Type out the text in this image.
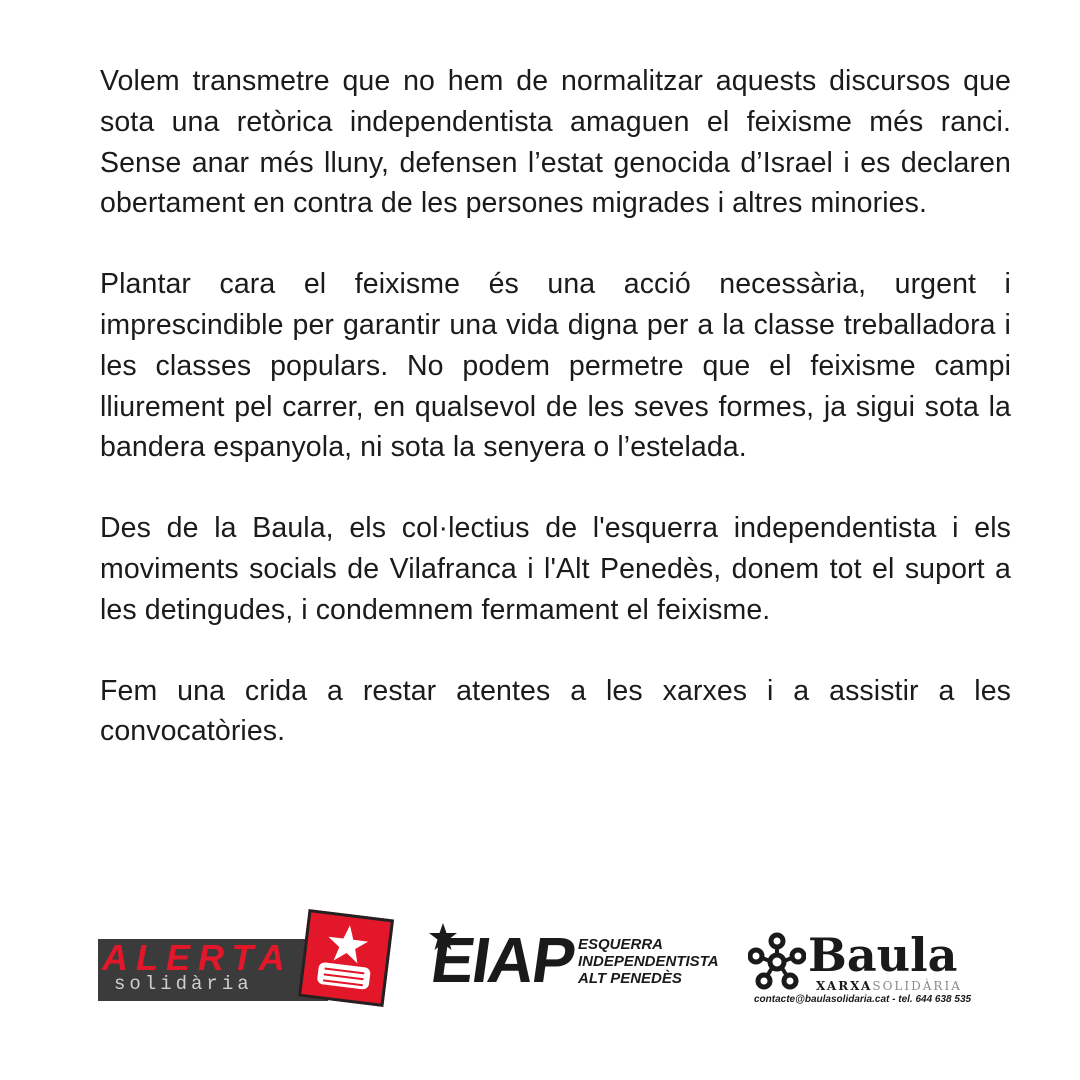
Volem transmetre que no hem de normalitzar aquests discursos que sota una retòrica independentista amaguen el feixisme més ranci. Sense anar més lluny, defensen l’estat genocida d’Israel i es declaren obertament en contra de les persones migrades i altres minories.

Plantar cara el feixisme és una acció necessària, urgent i imprescindible per garantir una vida digna per a la classe treballadora i les classes populars. No podem permetre que el feixisme campi lliurement pel carrer, en qualsevol de les seves formes, ja sigui sota la bandera espanyola, ni sota la senyera o l’estelada.

Des de la Baula, els col·lectius de l'esquerra independentista i els moviments socials de Vilafranca i l'Alt Penedès, donem tot el suport a les detingudes, i condemnem fermament el feixisme.

Fem una crida a restar atentes a les xarxes i a assistir a les convocatòries.

ALERTA
solidària	EIAP ESQUERRA
INDEPENDENTISTA
ALT PENEDÈS	Baula
XARXASOLIDÀRIA
contacte@baulasolidaria.cat - tel. 644 638 535
